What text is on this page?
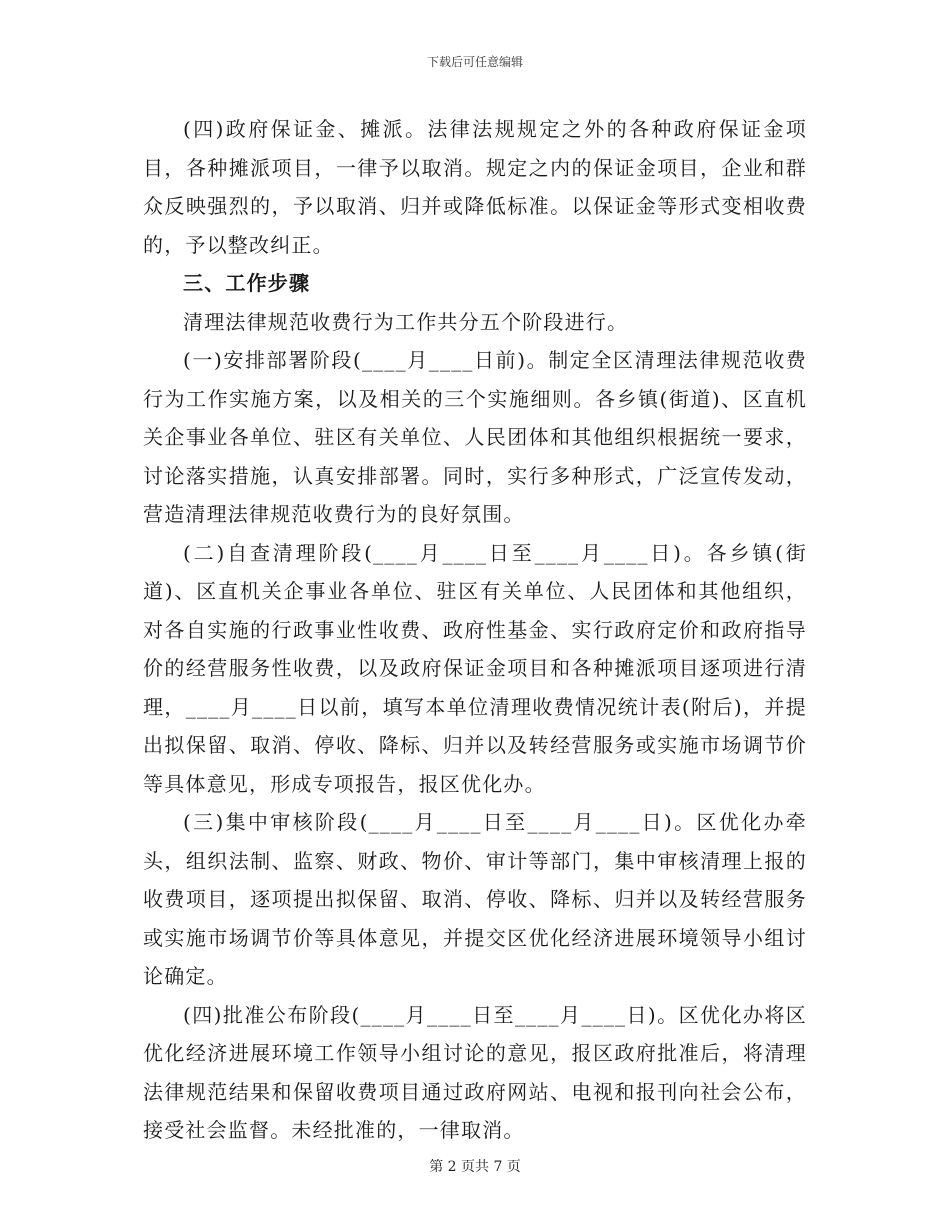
下载后可任意编辑

(四)政府保证金、摊派。法律法规规定之外的各种政府保证金项目，各种摊派项目，一律予以取消。规定之内的保证金项目，企业和群众反映强烈的，予以取消、归并或降低标准。以保证金等形式变相收费的，予以整改纠正。

三、工作步骤

清理法律规范收费行为工作共分五个阶段进行。

(一)安排部署阶段(____月____日前)。制定全区清理法律规范收费行为工作实施方案，以及相关的三个实施细则。各乡镇(街道)、区直机关企事业各单位、驻区有关单位、人民团体和其他组织根据统一要求，讨论落实措施，认真安排部署。同时，实行多种形式，广泛宣传发动，营造清理法律规范收费行为的良好氛围。

(二)自查清理阶段(____月____日至____月____日)。各乡镇(街道)、区直机关企事业各单位、驻区有关单位、人民团体和其他组织，对各自实施的行政事业性收费、政府性基金、实行政府定价和政府指导价的经营服务性收费，以及政府保证金项目和各种摊派项目逐项进行清理，____月____日以前，填写本单位清理收费情况统计表(附后)，并提出拟保留、取消、停收、降标、归并以及转经营服务或实施市场调节价等具体意见，形成专项报告，报区优化办。

(三)集中审核阶段(____月____日至____月____日)。区优化办牵头，组织法制、监察、财政、物价、审计等部门，集中审核清理上报的收费项目，逐项提出拟保留、取消、停收、降标、归并以及转经营服务或实施市场调节价等具体意见，并提交区优化经济进展环境领导小组讨论确定。

(四)批准公布阶段(____月____日至____月____日)。区优化办将区优化经济进展环境工作领导小组讨论的意见，报区政府批准后，将清理法律规范结果和保留收费项目通过政府网站、电视和报刊向社会公布，接受社会监督。未经批准的，一律取消。

第 2 页共 7 页
